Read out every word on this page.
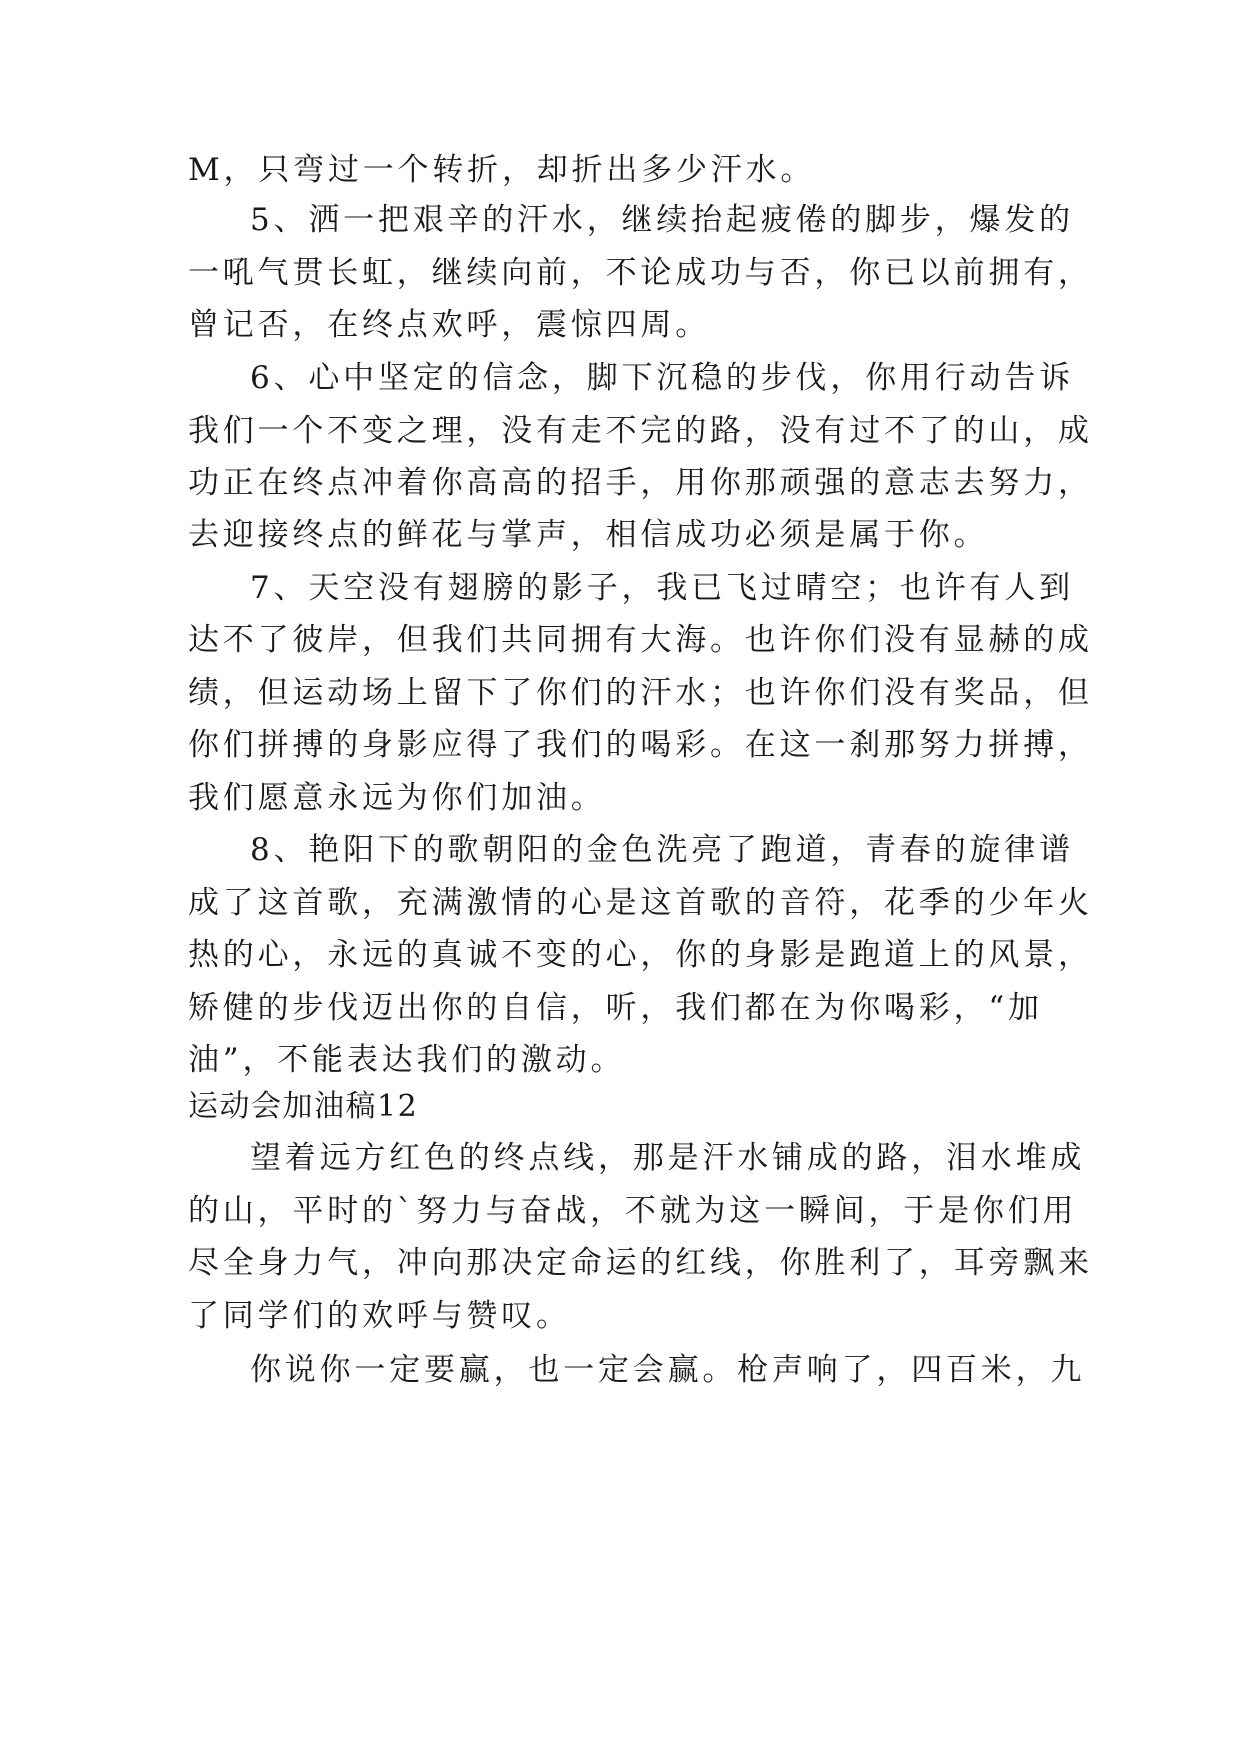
M，只弯过一个转折，却折出多少汗水。
5、洒一把艰辛的汗水，继续抬起疲倦的脚步，爆发的
一吼气贯长虹，继续向前，不论成功与否，你已以前拥有，
曾记否，在终点欢呼，震惊四周。
6、心中坚定的信念，脚下沉稳的步伐，你用行动告诉
我们一个不变之理，没有走不完的路，没有过不了的山，成
功正在终点冲着你高高的招手，用你那顽强的意志去努力，
去迎接终点的鲜花与掌声，相信成功必须是属于你。
7、天空没有翅膀的影子，我已飞过晴空；也许有人到
达不了彼岸，但我们共同拥有大海。也许你们没有显赫的成
绩，但运动场上留下了你们的汗水；也许你们没有奖品，但
你们拼搏的身影应得了我们的喝彩。在这一刹那努力拼搏，
我们愿意永远为你们加油。
8、艳阳下的歌朝阳的金色洗亮了跑道，青春的旋律谱
成了这首歌，充满激情的心是这首歌的音符，花季的少年火
热的心，永远的真诚不变的心，你的身影是跑道上的风景，
矫健的步伐迈出你的自信，听，我们都在为你喝彩，“加
油”，不能表达我们的激动。
运动会加油稿12
望着远方红色的终点线，那是汗水铺成的路，泪水堆成
的山，平时的`努力与奋战，不就为这一瞬间，于是你们用
尽全身力气，冲向那决定命运的红线，你胜利了，耳旁飘来
了同学们的欢呼与赞叹。
你说你一定要赢，也一定会赢。枪声响了，四百米，九
